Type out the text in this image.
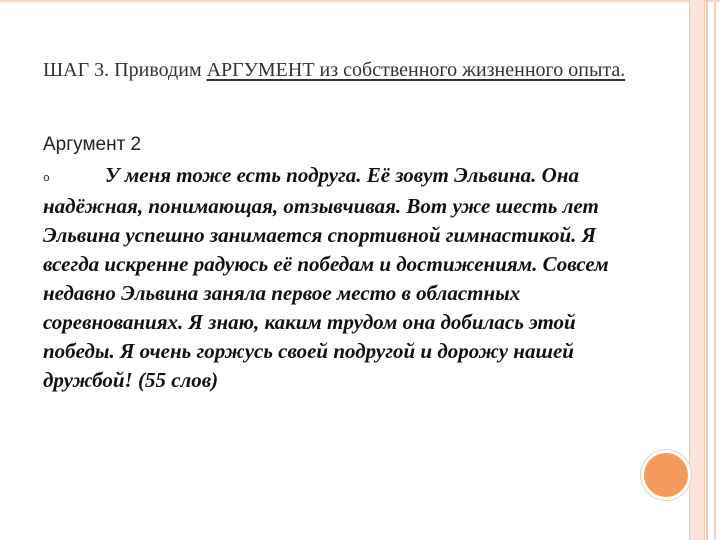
ШАГ 3. Приводим АРГУМЕНТ из собственного жизненного опыта.

Аргумент 2

o	У меня тоже есть подруга. Её зовут Эльвина. Она надёжная, понимающая, отзывчивая. Вот уже шесть лет Эльвина успешно занимается спортивной гимнастикой. Я всегда искренне радуюсь её победам и достижениям. Совсем недавно Эльвина заняла первое место в областных соревнованиях. Я знаю, каким трудом она добилась этой победы. Я очень горжусь своей подругой и дорожу нашей дружбой! (55 слов)
